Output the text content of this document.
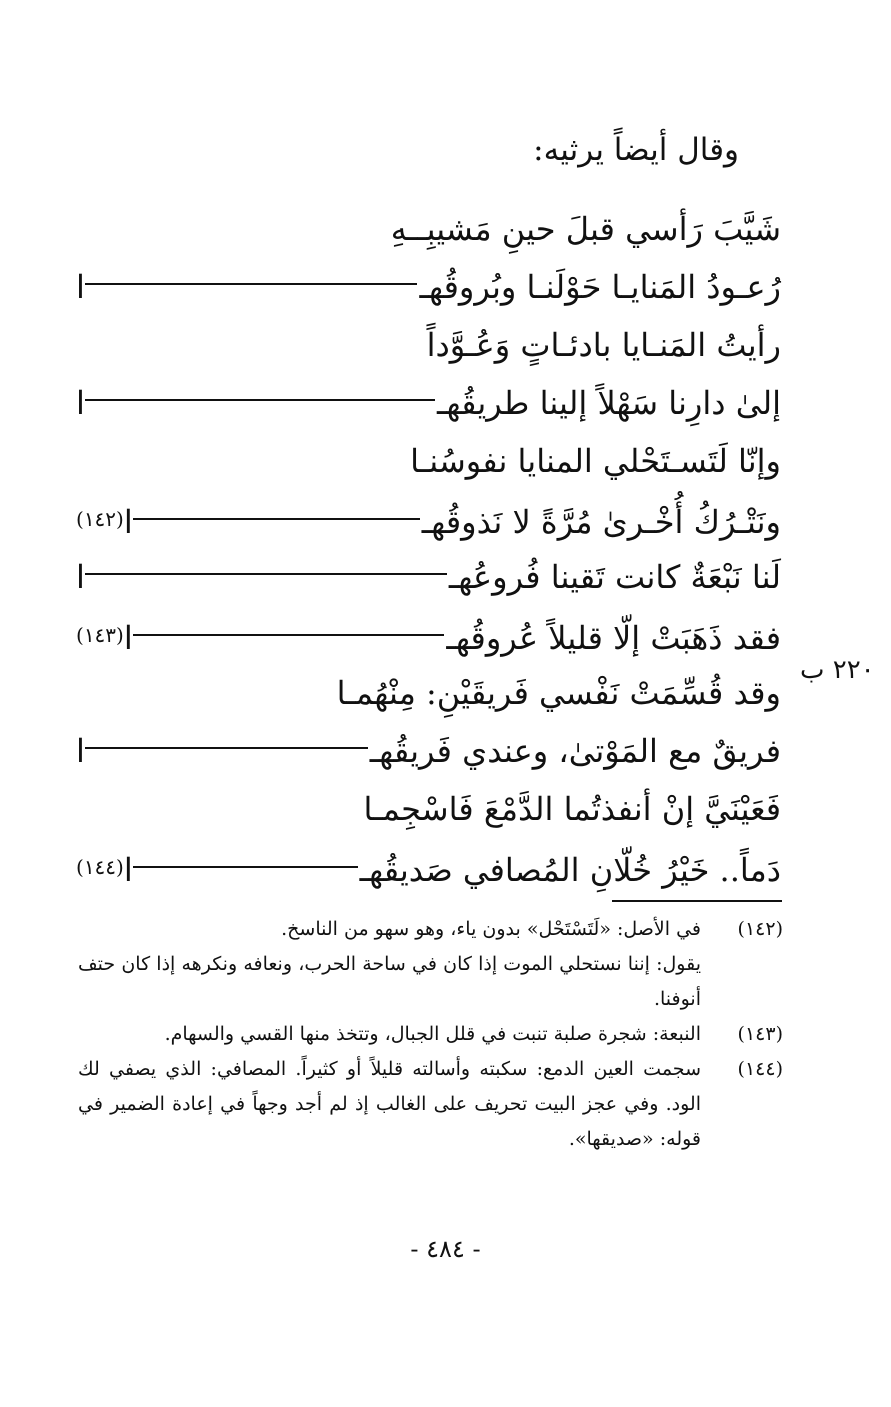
وقال أيضاً يرثيه:
شَيَّبَ رَأسي قبلَ حينِ مَشيبِــهِ
رُعـودُ المَنايـا حَوْلَنـا وبُروقُهـا
رأيتُ المَنـايا بادئـاتٍ وَعُـوَّداً
إلىٰ دارِنا سَهْلاً إلينا طريقُهـا
وإنّا لَتَسـتَحْلي المنايا نفوسُنـا
ونَتْـرُكُ أُخْـرىٰ مُرَّةً لا نَذوقُهـا$^{(١٤٢)}$
لَنا نَبْعَةٌ كانت تَقينا فُروعُهـا
فقد ذَهَبَتْ إلّا قليلاً عُروقُهـا$^{(١٤٣)}$
وقد قُسِّمَتْ نَفْسي فَريقَيْنِ: مِنْهُمـا
فريقٌ مع المَوْتىٰ، وعندي فَريقُهـا
فَعَيْنَيَّ إنْ أنفذتُما الدَّمْعَ فَاسْجِمـا
دَماً.. خَيْرُ خُلّانِ المُصافي صَديقُهـا$^{(١٤٤)}$
٢٢٠ ب
(١٤٢)

في الأصل: «لَتَسْتَحْل» بدون ياء، وهو سهو من الناسخ.

يقول: إننا نستحلي الموت إذا كان في ساحة الحرب، ونعافه ونكرهه إذا كان حتف أنوفنا.

(١٤٣)

النبعة: شجرة صلبة تنبت في قلل الجبال، وتتخذ منها القسي والسهام.

(١٤٤)

سجمت العين الدمع: سكبته وأسالته قليلاً أو كثيراً. المصافي: الذي يصفي لك الود. وفي عجز البيت تحريف على الغالب إذ لم أجد وجهاً في إعادة الضمير في قوله: «صديقها».

- ٤٨٤ -
